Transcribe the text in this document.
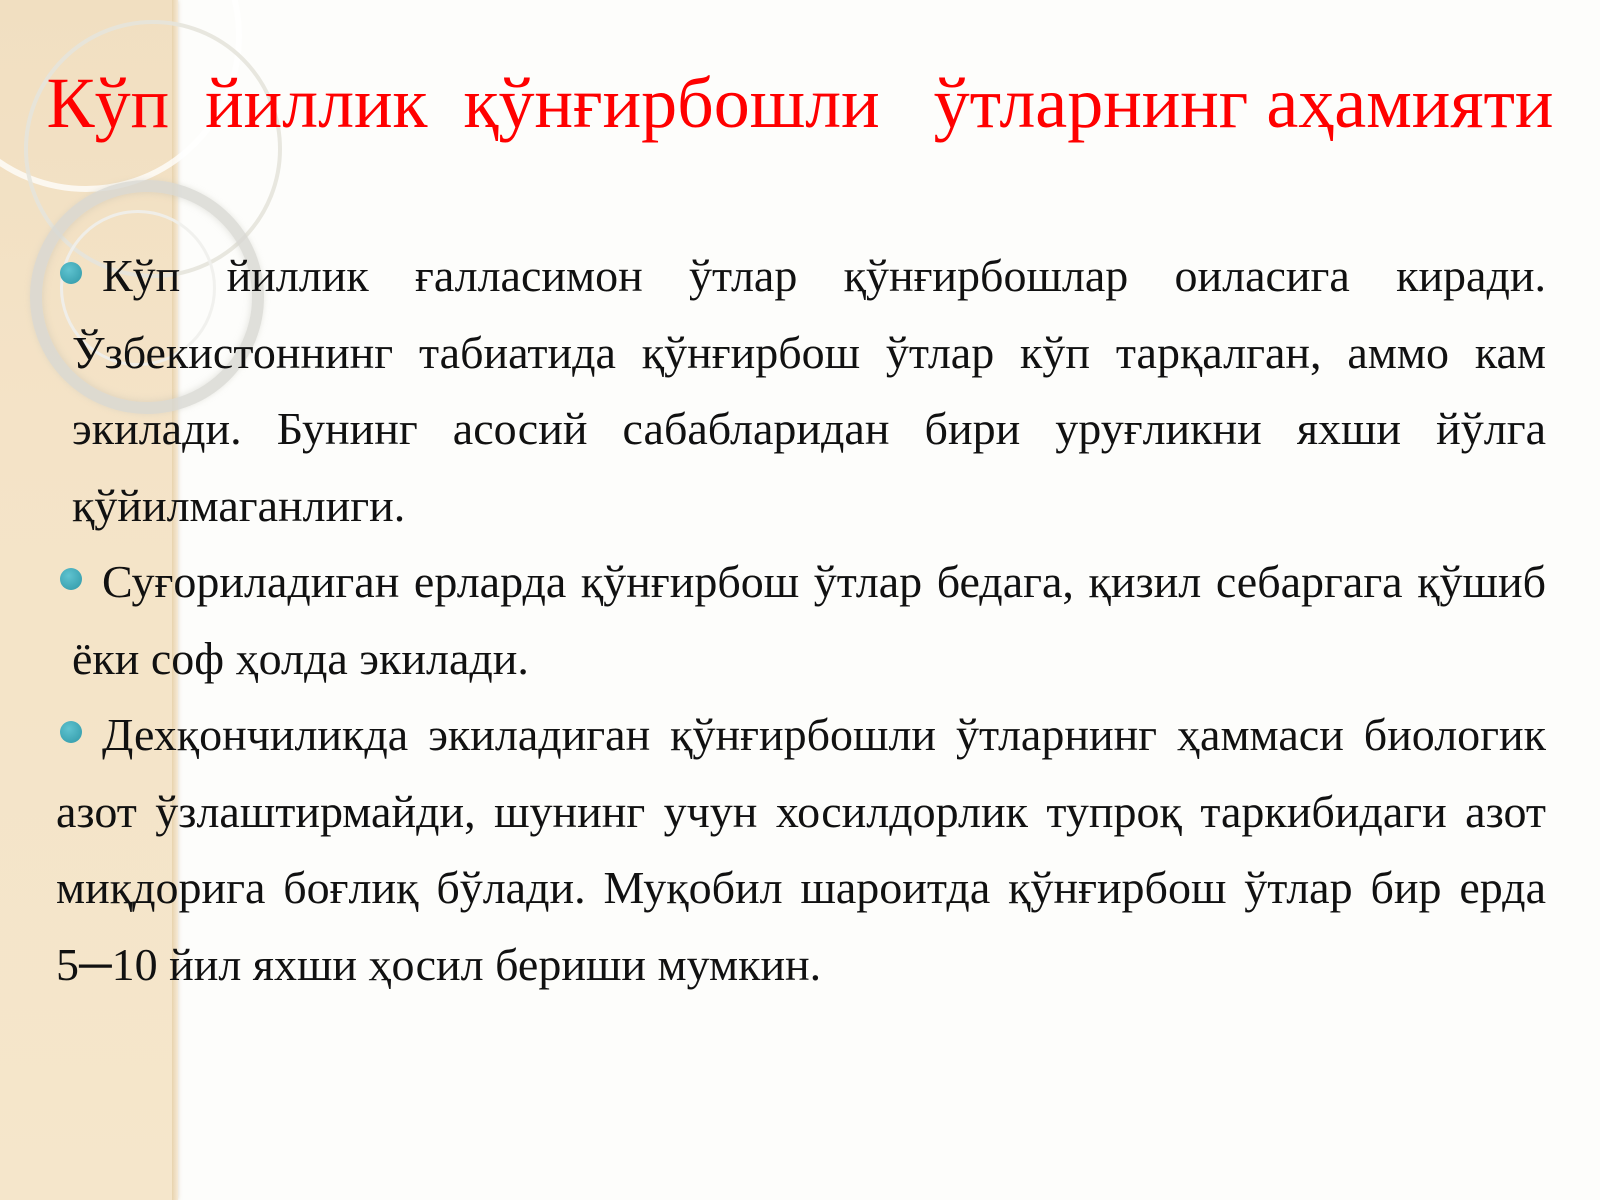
Кўп  йиллик  қўнғирбошли   ўтларнинг аҳамияти

Кўп йиллик ғалласимон ўтлар қўнғирбошлар оиласига киради. Ўзбекистоннинг табиатида қўнғирбош ўтлар кўп тарқалган, аммо кам экилади. Бунинг асосий сабабларидан бири уруғликни яхши йўлга қўйилмаганлиги.

Суғориладиган ерларда қўнғирбош ўтлар бедага, қизил себаргага қўшиб ёки соф ҳолда экилади.

Дехқончиликда экиладиган қўнғирбошли ўтларнинг ҳаммаси биологик азот ўзлаштирмайди, шунинг учун хосилдорлик тупроқ таркибидаги азот миқдорига боғлиқ бўлади. Муқобил шароитда қўнғирбош ўтлар бир ерда 5─10 йил яхши ҳосил бериши мумкин.
